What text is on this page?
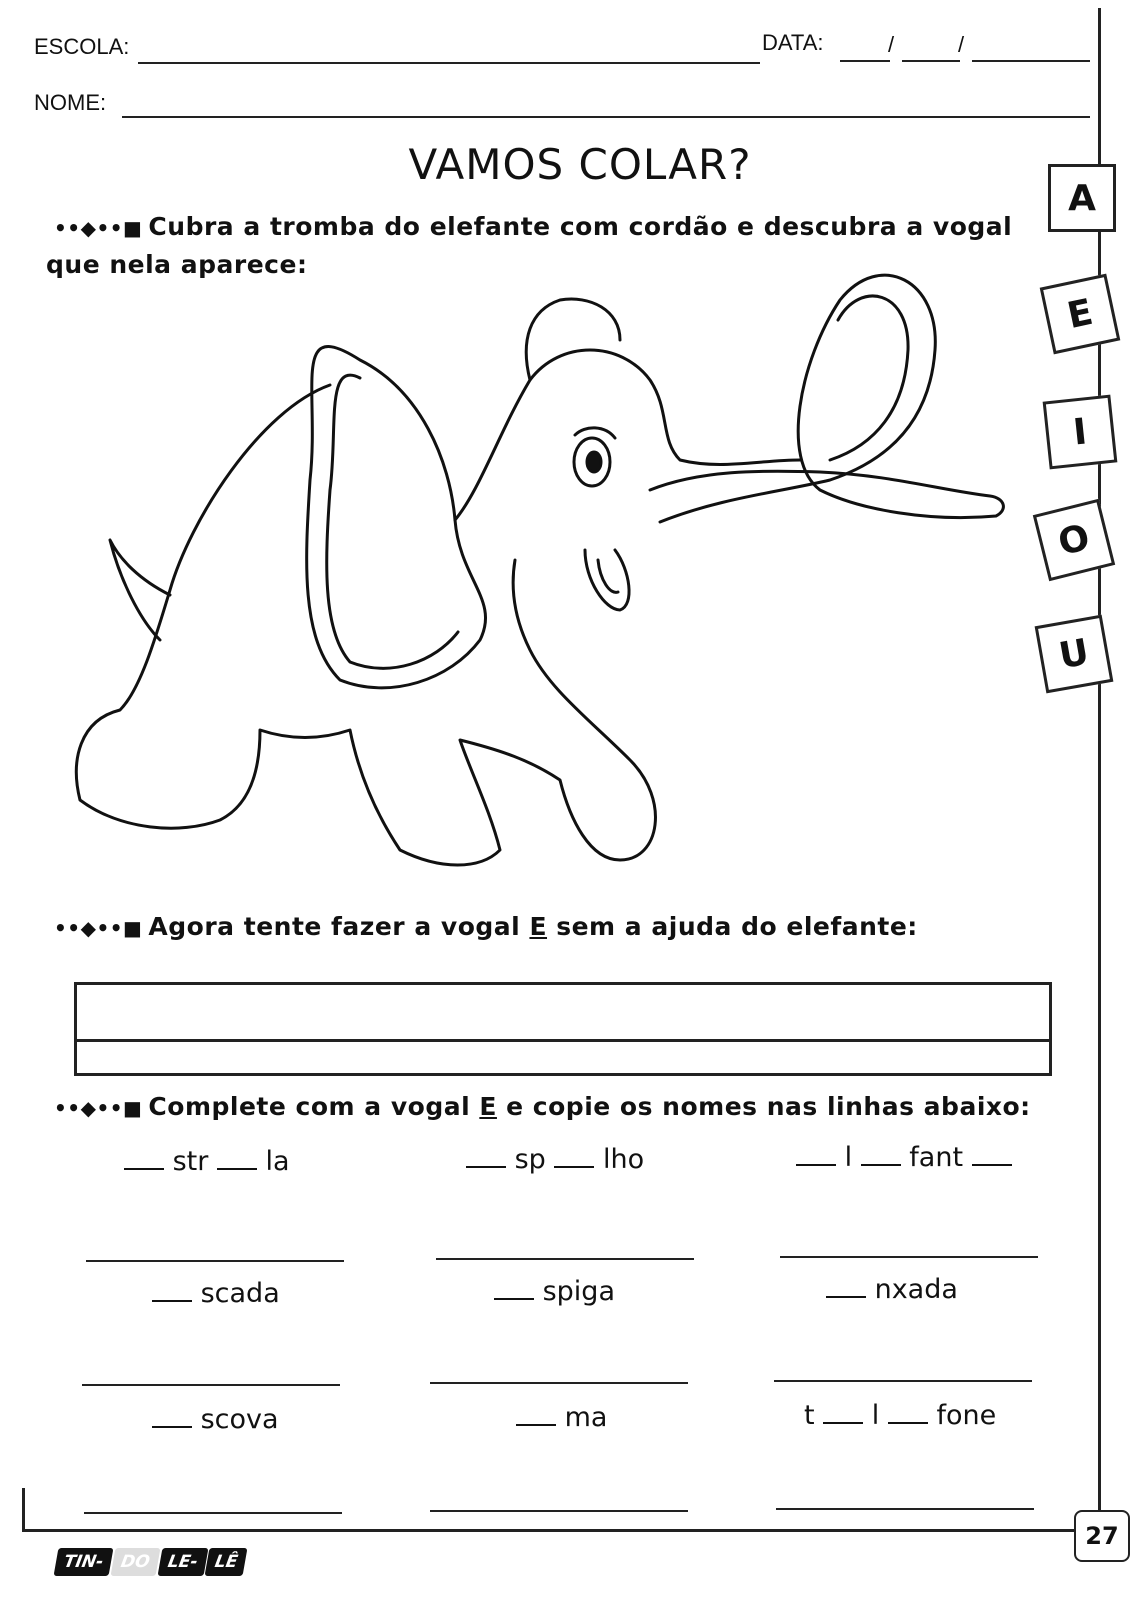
ESCOLA:	DATA:	/	/
NOME:
VAMOS COLAR?
••◆••■ Cubra a tromba do elefante com cordão e descubra a vogal
que nela aparece:
A
E
I
O
U
••◆••■ Agora tente fazer a vogal E sem a ajuda do elefante:
••◆••■ Complete com a vogal E e copie os nomes nas linhas abaixo:
str la	sp lho	l fant
scada	spiga	nxada
scova	ma	t l fone
TIN- DO LE- LÊ
27
